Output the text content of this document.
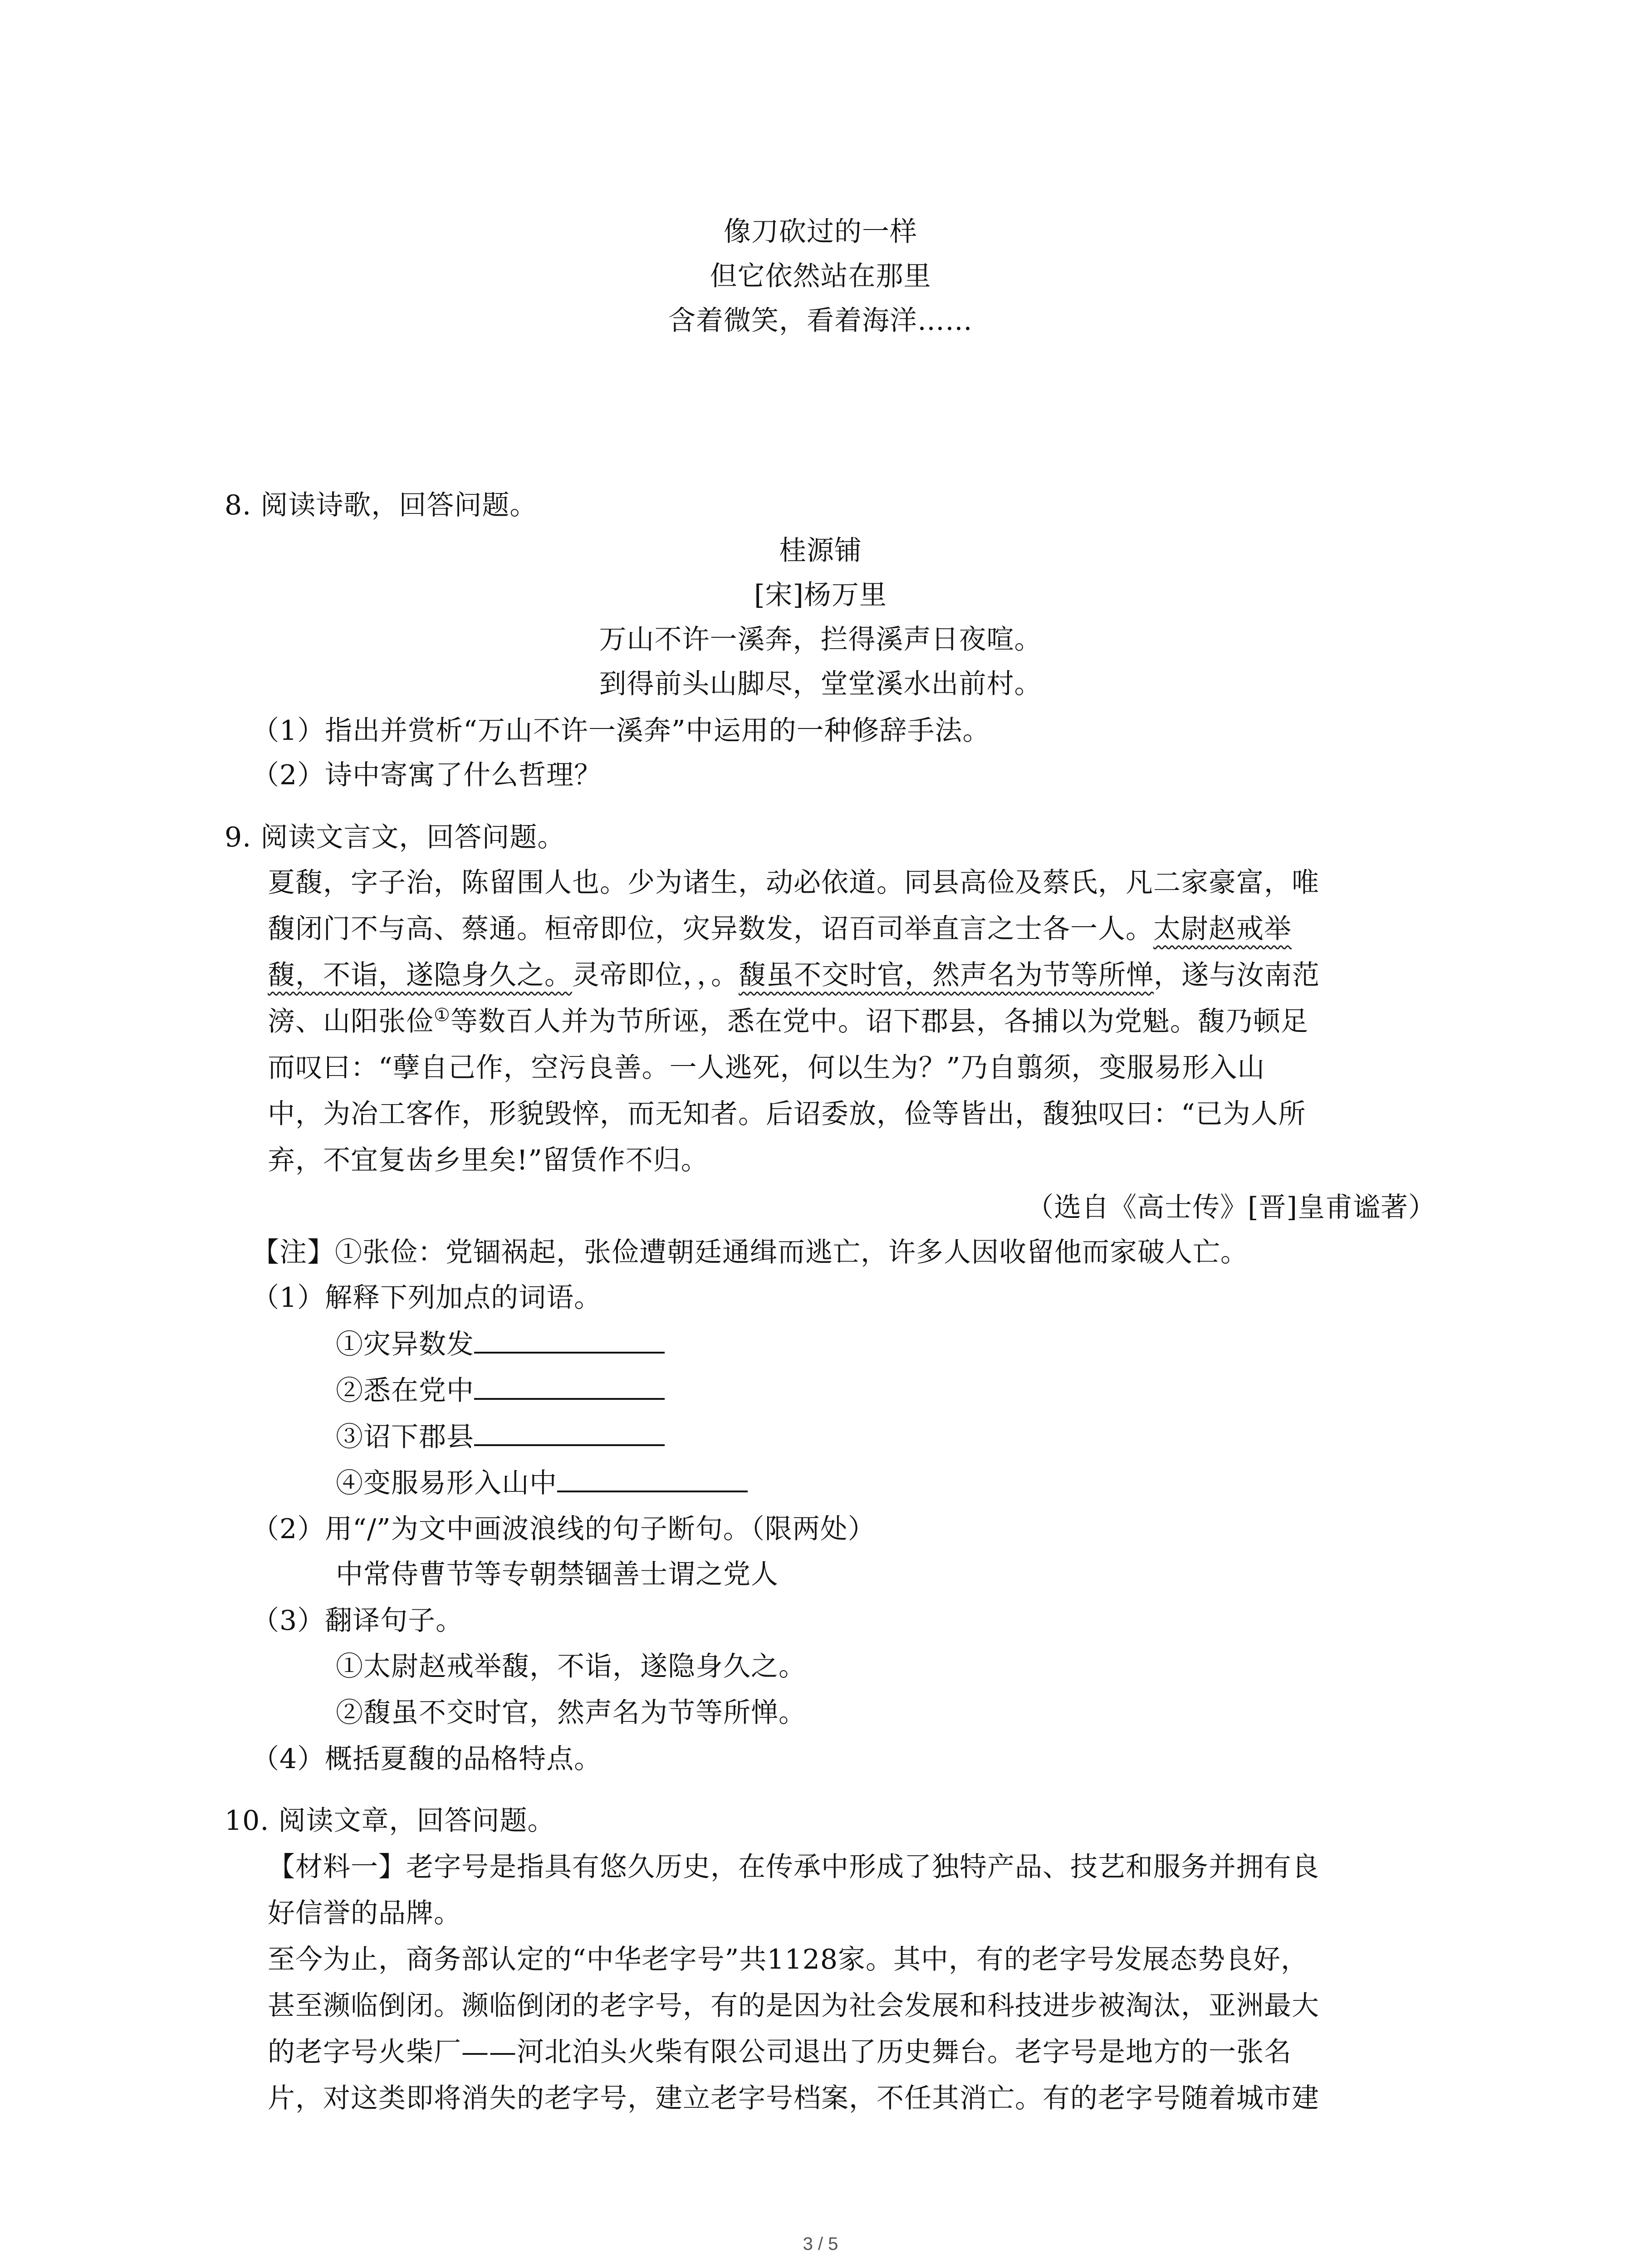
像刀砍过的一样
但它依然站在那里
含着微笑，看着海洋……
8. 阅读诗歌，回答问题。
桂源铺
[宋]杨万里
万山不许一溪奔，拦得溪声日夜喧。
到得前头山脚尽，堂堂溪水出前村。
（1）指出并赏析“万山不许一溪奔”中运用的一种修辞手法。
（2）诗中寄寓了什么哲理？
9. 阅读文言文，回答问题。
夏馥，字子治，陈留围人也。少为诸生，动必依道。同县高俭及蔡氏，凡二家豪富，唯
馥闭门不与高、蔡通。桓帝即位，灾异数发，诏百司举直言之士各一人。太尉赵戒举
馥，不诣，遂隐身久之。灵帝即位，，。馥虽不交时官，然声名为节等所惮，遂与汝南范
滂、山阳张俭①等数百人并为节所诬，悉在党中。诏下郡县，各捕以为党魁。馥乃顿足
而叹曰：“孽自己作，空污良善。一人逃死，何以生为？”乃自翦须，变服易形入山
中，为冶工客作，形貌毁悴，而无知者。后诏委放，俭等皆出，馥独叹曰：“已为人所
弃，不宜复齿乡里矣!”留赁作不归。
（选自《高士传》[晋]皇甫谧著）
【注】①张俭：党锢祸起，张俭遭朝廷通缉而逃亡，许多人因收留他而家破人亡。
（1）解释下列加点的词语。
①灾异数发
②悉在党中
③诏下郡县
④变服易形入山中
（2）用“/”为文中画波浪线的句子断句。（限两处）
中常侍曹节等专朝禁锢善士谓之党人
（3）翻译句子。
①太尉赵戒举馥，不诣，遂隐身久之。
②馥虽不交时官，然声名为节等所惮。
（4）概括夏馥的品格特点。
10. 阅读文章，回答问题。
【材料一】老字号是指具有悠久历史，在传承中形成了独特产品、技艺和服务并拥有良
好信誉的品牌。
至今为止，商务部认定的“中华老字号”共1128家。其中，有的老字号发展态势良好，
甚至濒临倒闭。濒临倒闭的老字号，有的是因为社会发展和科技进步被淘汰，亚洲最大
的老字号火柴厂——河北泊头火柴有限公司退出了历史舞台。老字号是地方的一张名
片，对这类即将消失的老字号，建立老字号档案，不任其消亡。有的老字号随着城市建
3 / 5
